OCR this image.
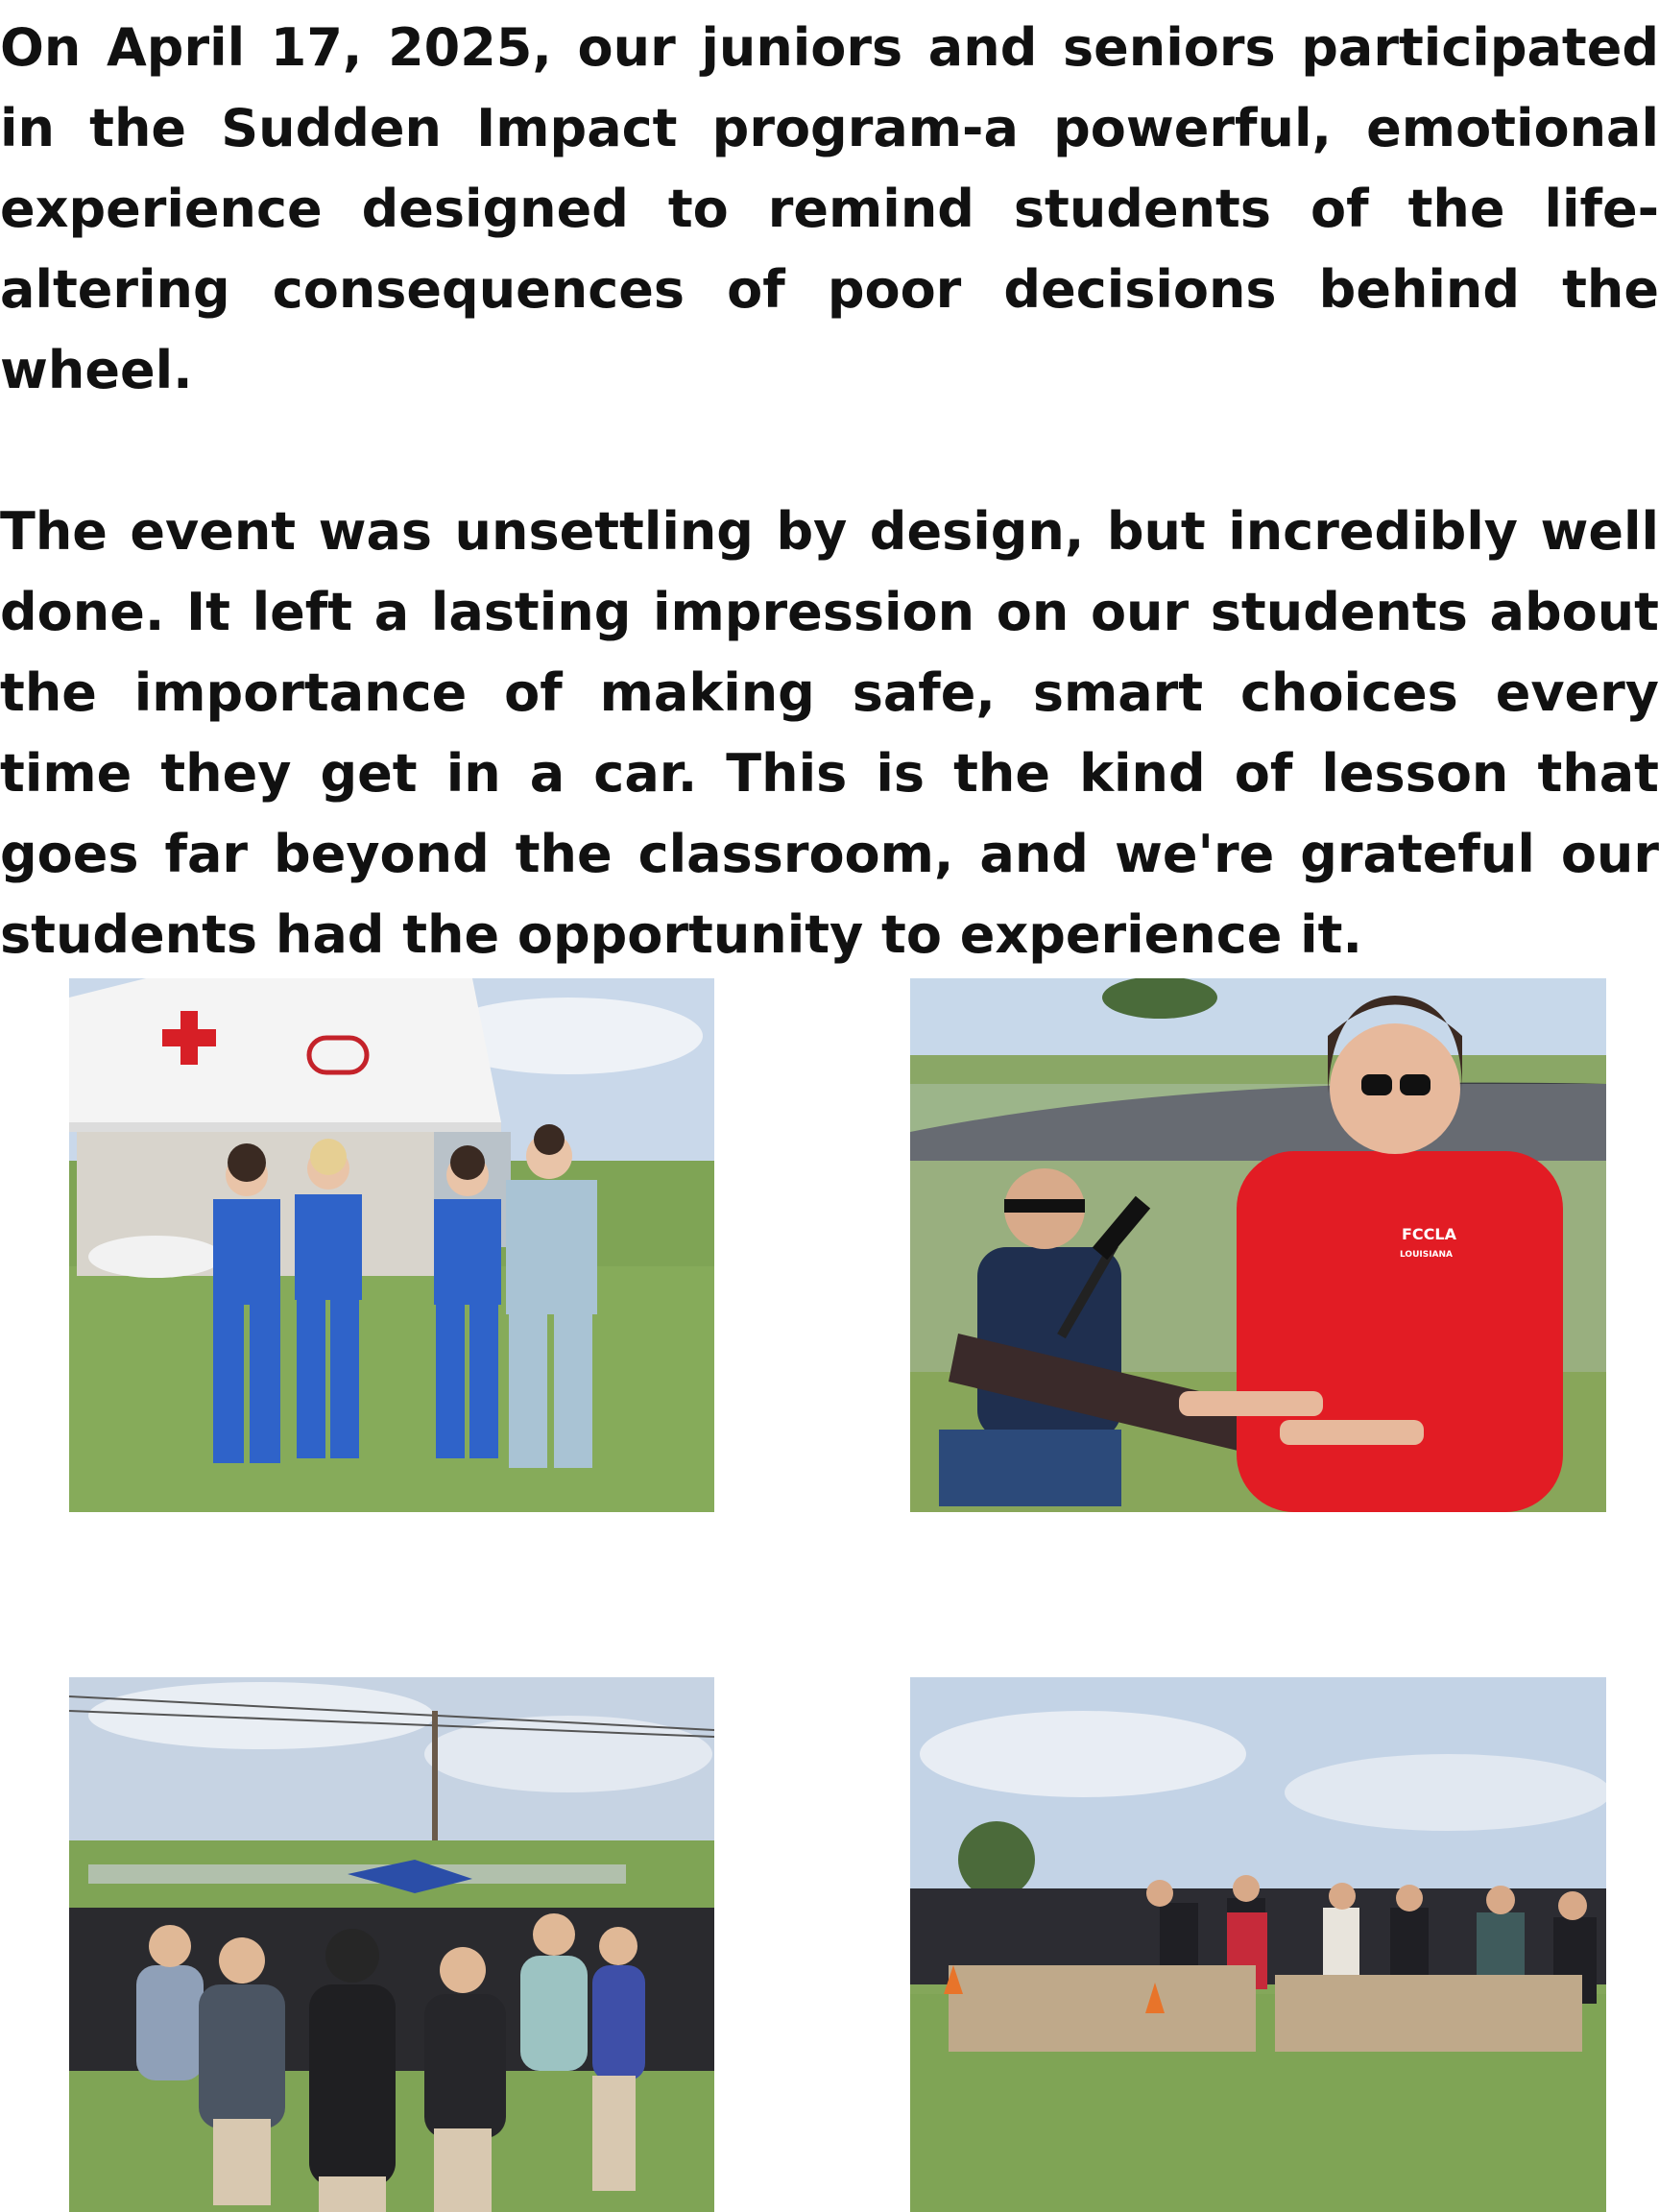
On April 17, 2025, our juniors and seniors participated in the Sudden Impact program-a powerful, emotional experience designed to remind students of the life-altering consequences of poor decisions behind the wheel.

The event was unsettling by design, but incredibly well done. It left a lasting impression on our students about the importance of making safe, smart choices every time they get in a car. This is the kind of lesson that goes far beyond the classroom, and we're grateful our students had the opportunity to experience it.

FCCLA
LOUISIANA
